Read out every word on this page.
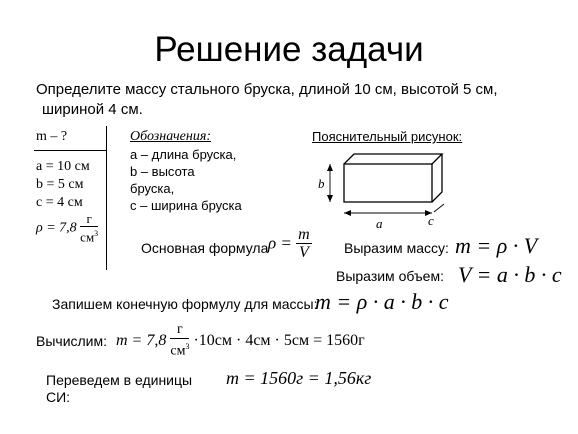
Решение задачи
Определите массу стального бруска, длиной 10 см, высотой 5 см,
шириной 4 см.
m – ?
a = 10 см
b = 5 см
c = 4 см
$\rho = 7,8 \frac{г}{см^3}$
Обозначения:
a – длина бруска,
b – высота
бруска,
c – ширина бруска
Пояснительный рисунок:
b
a	c
Основная формула $\rho = \frac{m}{V}$ Выразим массу: m = ρ · V
Выразим объем: V = a · b · c
Запишем конечную формулу для массы:
m = ρ · a · b · c
Вычислим: $m = 7,8 \frac{г}{см^3} \cdot 10см \cdot 4см \cdot 5см = 1560г$
Переведем в единицы
СИ:
m = 1560г = 1,56кг
